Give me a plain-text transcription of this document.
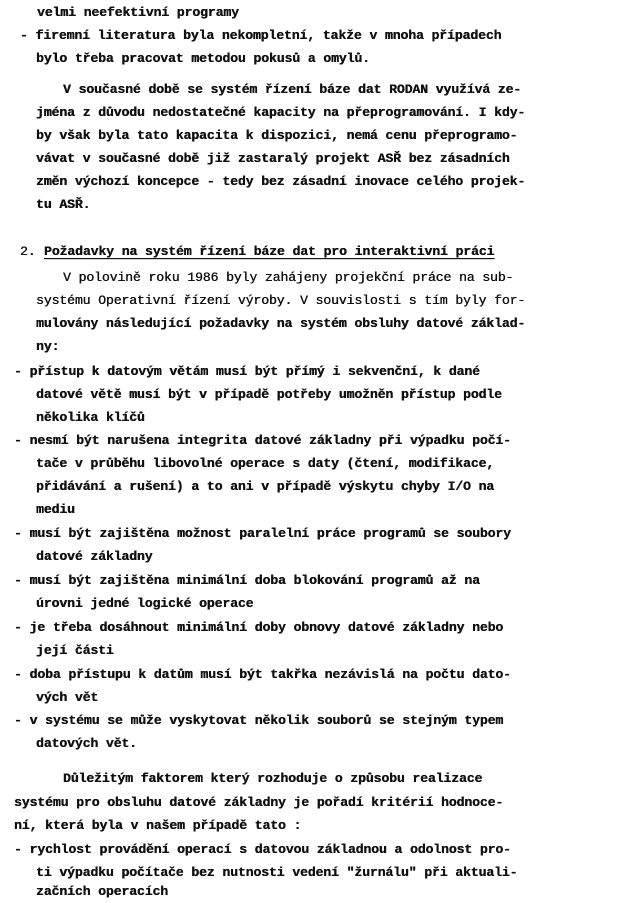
velmi neefektivní programy
- firemní literatura byla nekompletní, takže v mnoha případech
bylo třeba pracovat metodou pokusů a omylů.
V současné době se systém řízení báze dat RODAN využívá ze-
jména z důvodu nedostatečné kapacity na přeprogramování. I kdy-
by však byla tato kapacita k dispozici, nemá cenu přeprogramo-
vávat v současné době již zastaralý projekt ASŘ bez zásadních
změn výchozí koncepce - tedy bez zásadní inovace celého projek-
tu ASŘ.
2. Požadavky na systém řízení báze dat pro interaktivní práci
V polovině roku 1986 byly zahájeny projekční práce na sub-
systému Operativní řízení výroby. V souvislosti s tím byly for-
mulovány následující požadavky na systém obsluhy datové základ-
ny:
- přístup k datovým větám musí být přímý i sekvenční, k dané
datové větě musí být v případě potřeby umožněn přístup podle
několika klíčů
- nesmí být narušena integrita datové základny při výpadku počí-
tače v průběhu libovolné operace s daty (čtení, modifikace,
přidávání a rušení) a to ani v případě výskytu chyby I/O na
mediu
- musí být zajištěna možnost paralelní práce programů se soubory
datové základny
- musí být zajištěna minimální doba blokování programů až na
úrovni jedné logické operace
- je třeba dosáhnout minimální doby obnovy datové základny nebo
její části
- doba přístupu k datům musí být takřka nezávislá na počtu dato-
vých vět
- v systému se může vyskytovat několik souborů se stejným typem
datových vět.
Důležitým faktorem který rozhoduje o způsobu realizace
systému pro obsluhu datové základny je pořadí kritérií hodnoce-
ní, která byla v našem případě tato :
- rychlost provádění operací s datovou základnou a odolnost pro-
ti výpadku počítače bez nutnosti vedení "žurnálu" při aktuali-
začních operacích
